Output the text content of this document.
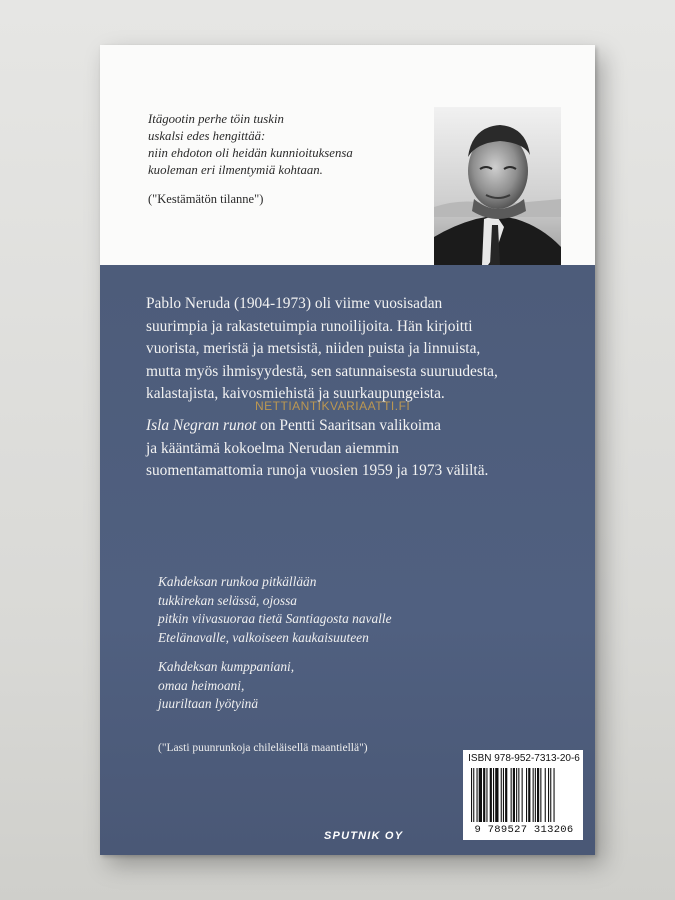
Itägootin perhe töin tuskin
uskalsi edes hengittää:
niin ehdoton oli heidän kunnioituksensa
kuoleman eri ilmentymiä kohtaan.

("Kestämätön tilanne")

Pablo Neruda (1904-1973) oli viime vuosisadan
suurimpia ja rakastetuimpia runoilijoita. Hän kirjoitti
vuorista, meristä ja metsistä, niiden puista ja linnuista,
mutta myös ihmisyydestä, sen satunnaisesta suuruudesta,
kalastajista, kaivosmiehistä ja suurkaupungeista.

NETTIANTIKVARIAATTI.FI

Isla Negran runot on Pentti Saaritsan valikoima
ja kääntämä kokoelma Nerudan aiemmin
suomentamattomia runoja vuosien 1959 ja 1973 väliltä.

Kahdeksan runkoa pitkällään
tukkirekan selässä, ojossa
pitkin viivasuoraa tietä Santiagosta navalle
Etelänavalle, valkoiseen kaukaisuuteen

Kahdeksan kumppaniani,
omaa heimoani,
juuriltaan lyötyinä

("Lasti puunrunkoja chileläisellä maantiellä")
ISBN 978-952-7313-20-6
9 789527 313206
SPUTNIK OY
